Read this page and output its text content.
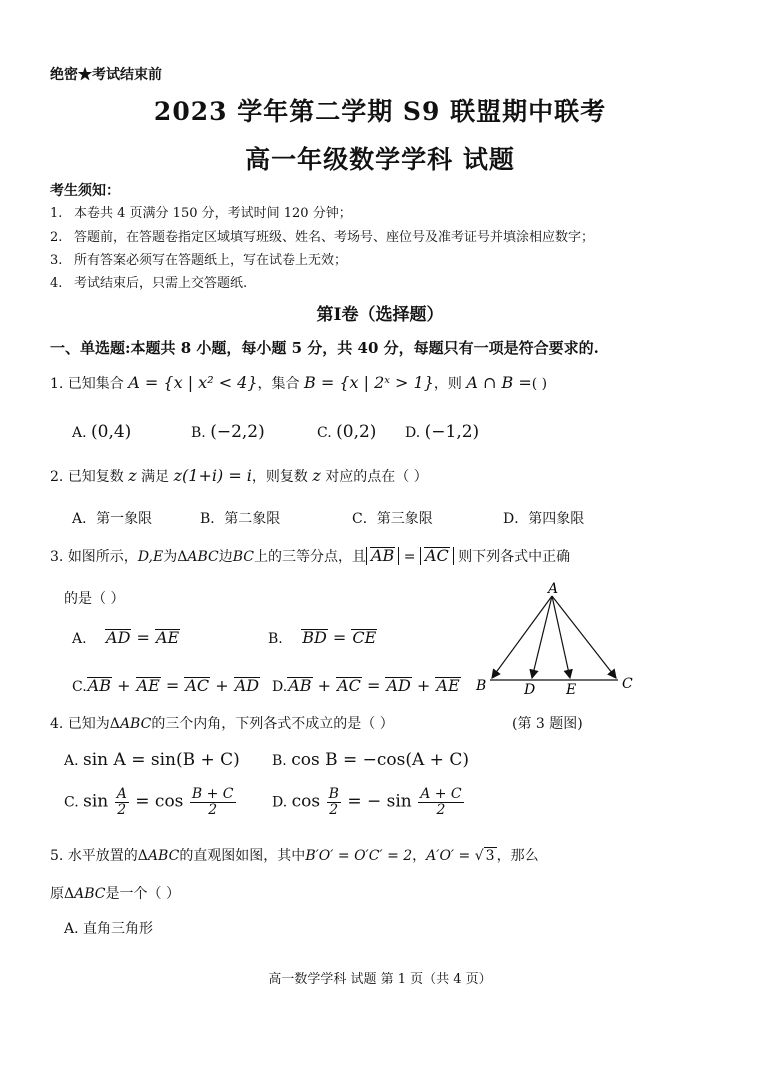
绝密★考试结束前
2023 学年第二学期 S9 联盟期中联考
高一年级数学学科 试题
考生须知：
1. 本卷共 4 页满分 150 分，考试时间 120 分钟；
2. 答题前，在答题卷指定区域填写班级、姓名、考场号、座位号及准考证号并填涂相应数字；
3. 所有答案必须写在答题纸上，写在试卷上无效；
4. 考试结束后，只需上交答题纸.
第Ⅰ卷（选择题）
一、单选题:本题共 8 小题，每小题 5 分，共 40 分，每题只有一项是符合要求的.
1. 已知集合 A = {x | x² < 4}，集合 B = {x | 2ˣ > 1}，则 A ∩ B =( )
A. (0,4)	B. (−2,2)	C. (0,2) D. (−1,2)
2. 已知复数 z 满足 z(1+i) = i，则复数 z 对应的点在（ ）
A．第一象限	B．第二象限	C．第三象限	D．第四象限
3. 如图所示，D,E为ΔABC边BC上的三等分点，且 AB = AC 则下列各式中正确
的是（ ）
A. AD = AE	B. BD = CE
C.AB + AE = AC + AD D.AB + AC = AD + AE
A
B	D E	C
4. 已知为ΔABC的三个内角，下列各式不成立的是（ ）	(第 3 题图)
A. sin A = sin(B + C) B. cos B = −cos(A + C)
C. $\sin \frac{A}{2} = \cos \frac{B + C}{2}$	D. $\cos \frac{B}{2}$ = − $\sin \frac{A + C}{2}$
5. 水平放置的ΔABC的直观图如图，其中B′O′ = O′C′ = 2，A′O′ = √ 3 ，那么
原ΔABC是一个（ ）
A. 直角三角形
高一数学学科 试题 第 1 页（共 4 页）
